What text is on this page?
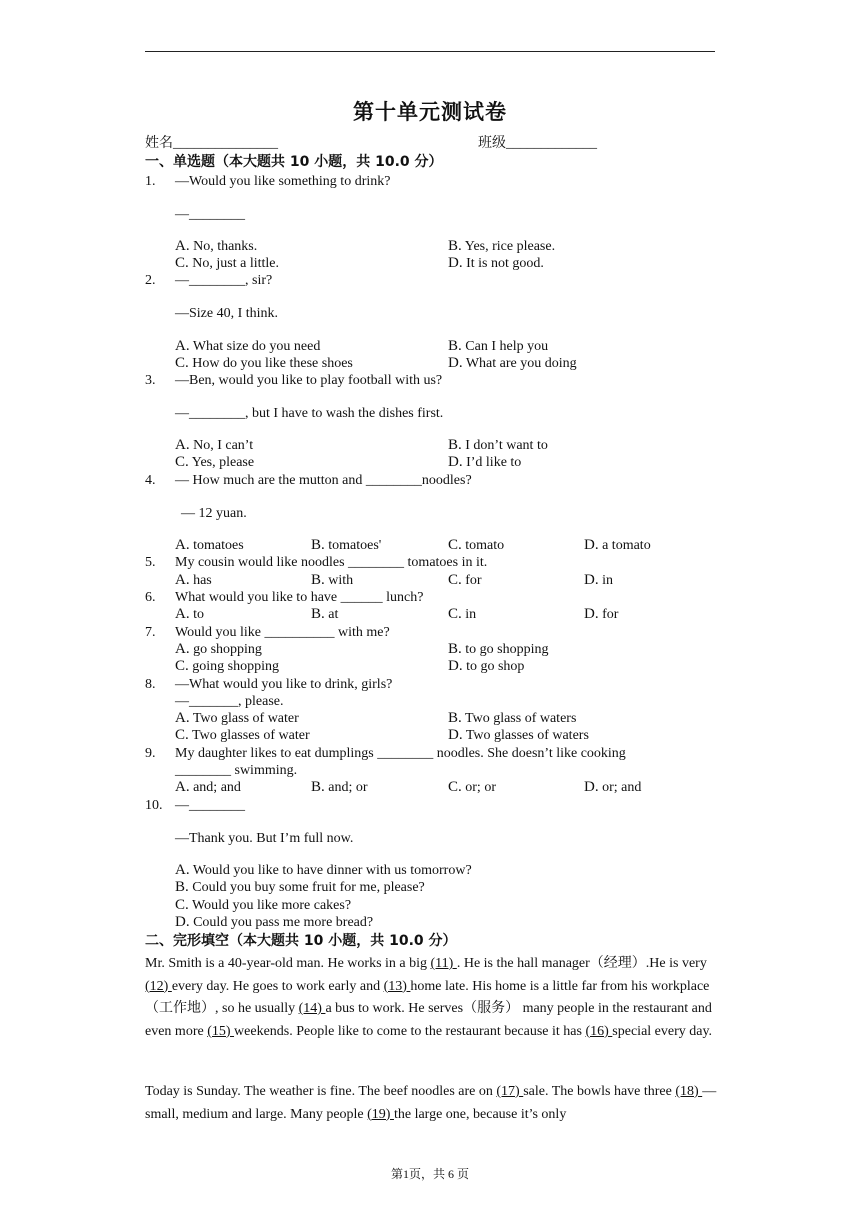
第十单元测试卷
姓名_______________	班级_____________
一、单选题（本大题共 10 小题，共 10.0 分）
1. —Would you like something to drink?
—________
A. No, thanks.	B. Yes, rice please.
C. No, just a little.	D. It is not good.
2. —________, sir?
—Size 40, I think.
A. What size do you need	B. Can I help you
C. How do you like these shoes	D. What are you doing
3. —Ben, would you like to play football with us?
—________, but I have to wash the dishes first.
A. No, I can’t	B. I don’t want to
C. Yes, please	D. I’d like to
4. — How much are the mutton and ________noodles?
— 12 yuan.
A. tomatoes	B. tomatoes'	C. tomato	D. a tomato
5. My cousin would like noodles ________ tomatoes in it.
A. has	B. with	C. for	D. in
6. What would you like to have ______ lunch?
A. to	B. at	C. in	D. for
7. Would you like __________ with me?
A. go shopping	B. to go shopping
C. going shopping	D. to go shop
8. —What would you like to drink, girls?
—_______, please.
A. Two glass of water	B. Two glass of waters
C. Two glasses of water	D. Two glasses of waters
9. My daughter likes to eat dumplings ________ noodles. She doesn’t like cooking
________ swimming.
A. and; and	B. and; or	C. or; or	D. or; and
10. —________
—Thank you. But I’m full now.
A. Would you like to have dinner with us tomorrow?
B. Could you buy some fruit for me, please?
C. Would you like more cakes?
D. Could you pass me more bread?
二、完形填空（本大题共 10 小题，共 10.0 分）
Mr. Smith is a 40-year-old man. He works in a big (11) . He is the hall manager（经理）.He is very (12) every day. He goes to work early and (13) home late. His home is a little far from his workplace（工作地）, so he usually (14) a bus to work. He serves（服务） many people in the restaurant and even more (15) weekends. People like to come to the restaurant because it has (16) special every day.
Today is Sunday. The weather is fine. The beef noodles are on (17) sale. The bowls have three (18) —small, medium and large. Many people (19) the large one, because it’s only
第1页，共 6 页
